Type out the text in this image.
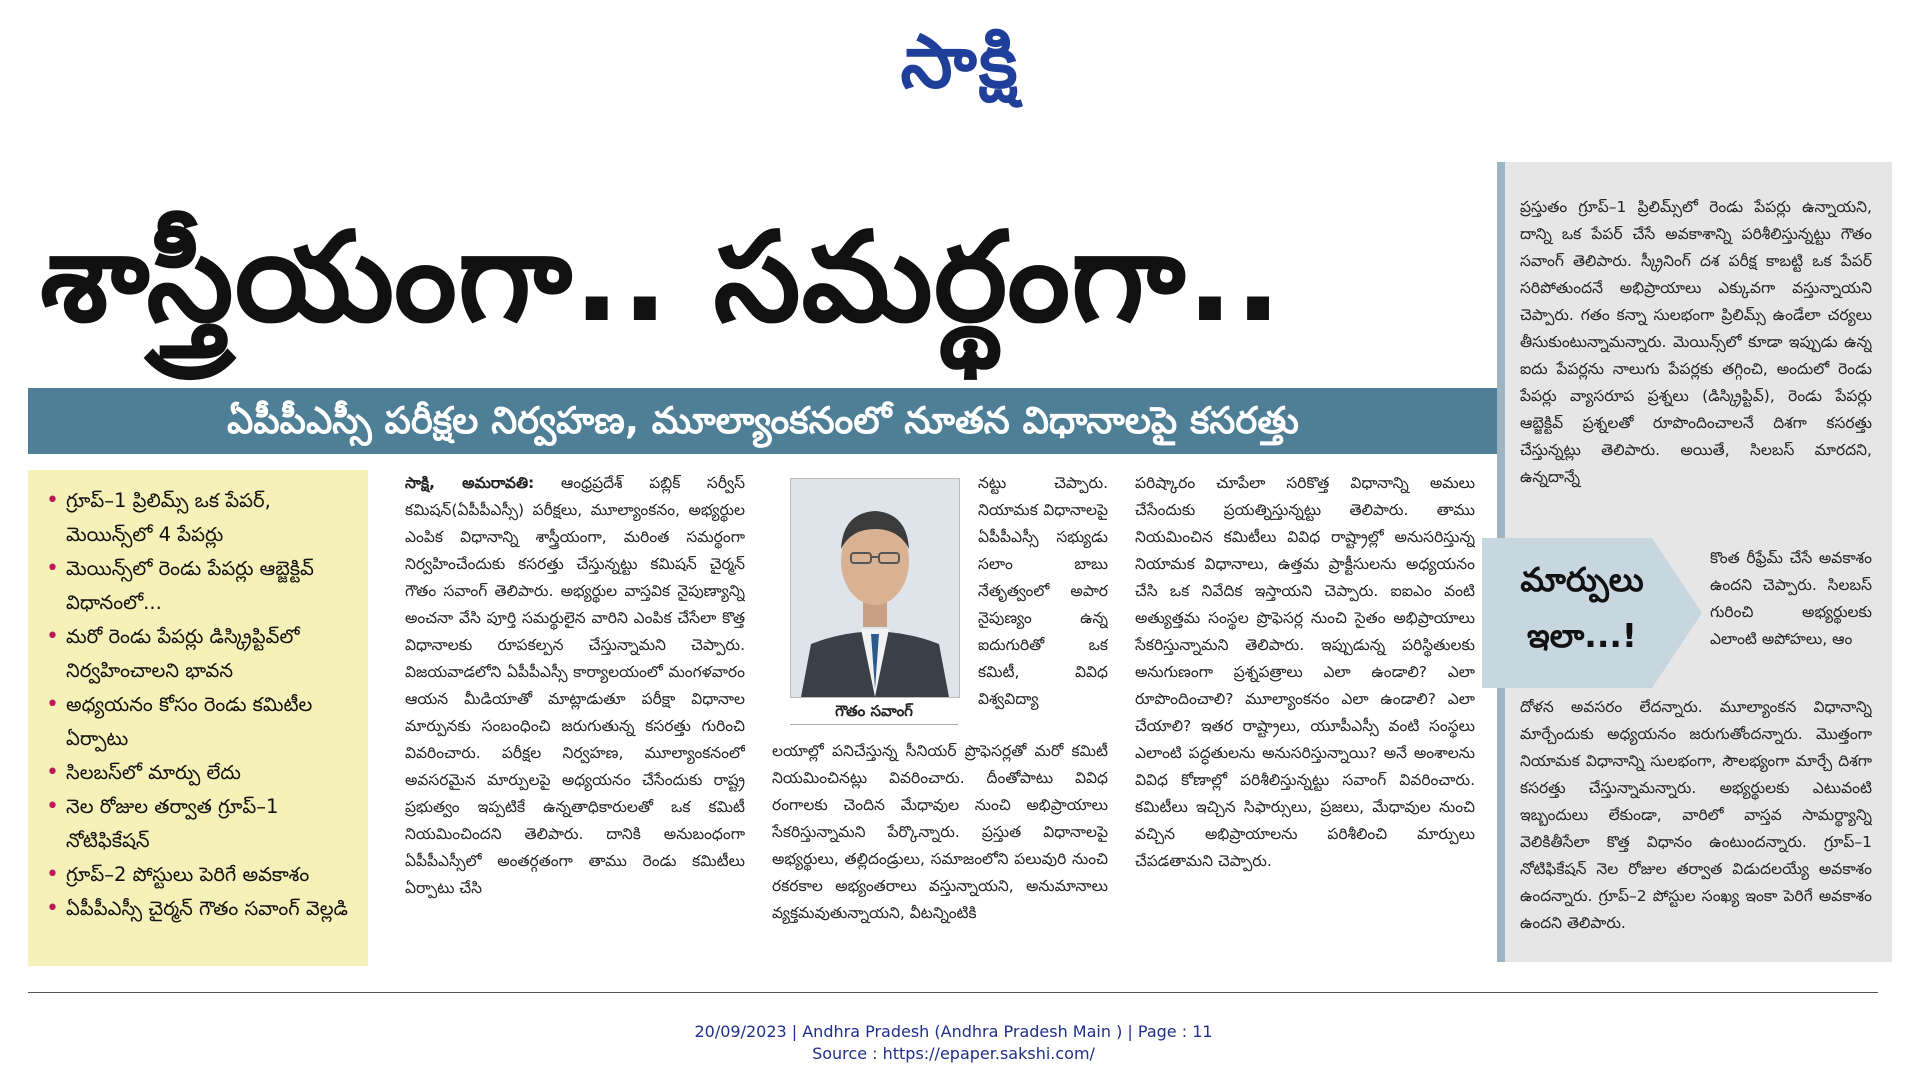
సాక్షి
శాస్త్రీయంగా.. సమర్థంగా..
ఏపీపీఎస్సీ పరీక్షల నిర్వహణ, మూల్యాంకనంలో నూతన విధానాలపై కసరత్తు
• గ్రూప్‌–1 ప్రిలిమ్స్‌ ఒక పేపర్‌, మెయిన్స్‌లో 4 పేపర్లు
• మెయిన్స్‌లో రెండు పేపర్లు ఆబ్జెక్టివ్‌ విధానంలో...
• మరో రెండు పేపర్లు డిస్క్రిప్టివ్‌లో నిర్వహించాలని భావన
• అధ్యయనం కోసం రెండు కమిటీల ఏర్పాటు
• సిలబస్‌లో మార్పు లేదు
• నెల రోజుల తర్వాత గ్రూప్‌–1 నోటిఫికేషన్‌
• గ్రూప్‌–2 పోస్టులు పెరిగే అవకాశం
• ఏపీపీఎస్సీ చైర్మన్‌ గౌతం సవాంగ్‌ వెల్లడి
సాక్షి, అమరావతి: ఆంధ్రప్రదేశ్‌ పబ్లిక్‌ సర్వీస్‌ కమిషన్‌(ఏపీపీఎస్సీ) పరీక్షలు, మూల్యాంకనం, అభ్యర్థుల ఎంపిక విధానాన్ని శాస్త్రీయంగా, మరింత సమర్థంగా నిర్వహించేందుకు కసరత్తు చేస్తున్నట్టు కమిషన్‌ చైర్మన్‌ గౌతం సవాంగ్‌ తెలిపారు. అభ్యర్థుల వాస్తవిక నైపుణ్యాన్ని అంచనా వేసి పూర్తి సమర్థులైన వారిని ఎంపిక చేసేలా కొత్త విధానాలకు రూపకల్పన చేస్తున్నామని చెప్పారు. విజయవాడలోని ఏపీపీఎస్సీ కార్యాలయంలో మంగళవారం ఆయన మీడియాతో మాట్లాడుతూ పరీక్షా విధానాల మార్పునకు సంబంధించి జరుగుతున్న కసరత్తు గురించి వివరించారు. పరీక్షల నిర్వహణ, మూల్యాంకనంలో అవసరమైన మార్పులపై అధ్యయనం చేసేందుకు రాష్ట్ర ప్రభుత్వం ఇప్పటికే ఉన్నతాధికారులతో ఒక కమిటీ నియమించిందని తెలిపారు. దానికి అనుబంధంగా ఏపీపీఎస్సీలో అంతర్గతంగా తాము రెండు కమిటీలు ఏర్పాటు చేసి
గౌతం సవాంగ్‌
నట్టు చెప్పారు. నియామక విధానాలపై ఏపీపీఎస్సీ సభ్యుడు సలాం బాబు నేతృత్వంలో అపార నైపుణ్యం ఉన్న ఐదుగురితో ఒక కమిటీ, వివిధ విశ్వవిద్యా
లయాల్లో పనిచేస్తున్న సీనియర్‌ ప్రొఫెసర్లతో మరో కమిటీ నియమించినట్లు వివరించారు. దీంతోపాటు వివిధ రంగాలకు చెందిన మేధావుల నుంచి అభిప్రాయాలు సేకరిస్తున్నామని పేర్కొన్నారు. ప్రస్తుత విధానాలపై అభ్యర్థులు, తల్లిదండ్రులు, సమాజంలోని పలువురి నుంచి రకరకాల అభ్యంతరాలు వస్తున్నాయని, అనుమానాలు వ్యక్తమవుతున్నాయని, వీటన్నింటికి
పరిష్కారం చూపేలా సరికొత్త విధానాన్ని అమలు చేసేందుకు ప్రయత్నిస్తున్నట్టు తెలిపారు. తాము నియమించిన కమిటీలు వివిధ రాష్ట్రాల్లో అనుసరిస్తున్న నియామక విధానాలు, ఉత్తమ ప్రాక్టీసులను అధ్యయనం చేసి ఒక నివేదిక ఇస్తాయని చెప్పారు. ఐఐఎం వంటి అత్యుత్తమ సంస్థల ప్రొఫెసర్ల నుంచి సైతం అభిప్రాయాలు సేకరిస్తున్నామని తెలిపారు. ఇప్పుడున్న పరిస్థితులకు అనుగుణంగా ప్రశ్నపత్రాలు ఎలా ఉండాలి? ఎలా రూపొందించాలి? మూల్యాంకనం ఎలా ఉండాలి? ఎలా చేయాలి? ఇతర రాష్ట్రాలు, యూపీఎస్సీ వంటి సంస్థలు ఎలాంటి పద్ధతులను అనుసరిస్తున్నాయి? అనే అంశాలను వివిధ కోణాల్లో పరిశీలిస్తున్నట్టు సవాంగ్‌ వివరించారు. కమిటీలు ఇచ్చిన సిఫార్సులు, ప్రజలు, మేధావుల నుంచి వచ్చిన అభిప్రాయాలను పరిశీలించి మార్పులు చేపడతామని చెప్పారు.
ప్రస్తుతం గ్రూప్‌–1 ప్రిలిమ్స్‌లో రెండు పేపర్లు ఉన్నాయని, దాన్ని ఒక పేపర్‌ చేసే అవకాశాన్ని పరిశీలిస్తున్నట్టు గౌతం సవాంగ్‌ తెలిపారు. స్క్రీనింగ్‌ దశ పరీక్ష కాబట్టి ఒక పేపర్‌ సరిపోతుందనే అభిప్రాయాలు ఎక్కువగా వస్తున్నాయని చెప్పారు. గతం కన్నా సులభంగా ప్రిలిమ్స్‌ ఉండేలా చర్యలు తీసుకుంటున్నామన్నారు. మెయిన్స్‌లో కూడా ఇప్పుడు ఉన్న ఐదు పేపర్లను నాలుగు పేపర్లకు తగ్గించి, అందులో రెండు పేపర్లు వ్యాసరూప ప్రశ్నలు (డిస్క్రిప్టివ్‌), రెండు పేపర్లు ఆబ్జెక్టివ్‌ ప్రశ్నలతో రూపొందించాలనే దిశగా కసరత్తు చేస్తున్నట్లు తెలిపారు. అయితే, సిలబస్‌ మారదని, ఉన్నదాన్నే
మార్పులు ఇలా...!
కొంత రీఫ్రేమ్‌ చేసే అవకాశం ఉందని చెప్పారు. సిలబస్‌ గురించి అభ్యర్థులకు ఎలాంటి అపోహలు, ఆం
దోళన అవసరం లేదన్నారు. మూల్యాంకన విధానాన్ని మార్చేందుకు అధ్యయనం జరుగుతోందన్నారు. మొత్తంగా నియామక విధానాన్ని సులభంగా, సౌలభ్యంగా మార్చే దిశగా కసరత్తు చేస్తున్నామన్నారు. అభ్యర్థులకు ఎటువంటి ఇబ్బందులు లేకుండా, వారిలో వాస్తవ సామర్థ్యాన్ని వెలికితీసేలా కొత్త విధానం ఉంటుందన్నారు. గ్రూప్‌–1 నోటిఫికేషన్‌ నెల రోజుల తర్వాత విడుదలయ్యే అవకాశం ఉందన్నారు. గ్రూప్‌–2 పోస్టుల సంఖ్య ఇంకా పెరిగే అవకాశం ఉందని తెలిపారు.
20/09/2023 | Andhra Pradesh (Andhra Pradesh Main ) | Page : 11
Source : https://epaper.sakshi.com/
